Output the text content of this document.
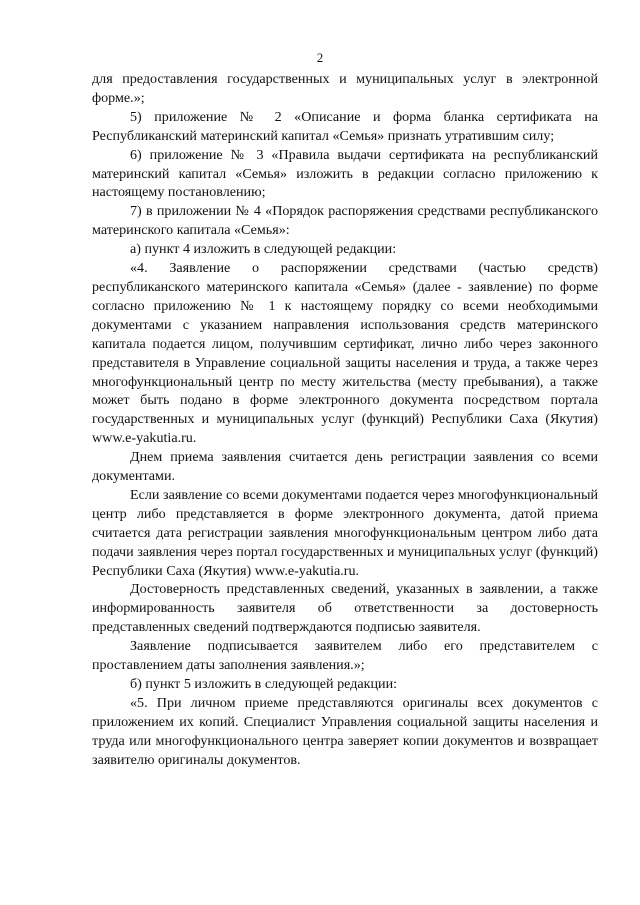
2

для предоставления государственных и муниципальных услуг в электронной форме.»;

5) приложение № 2 «Описание и форма бланка сертификата на Республиканский материнский капитал «Семья» признать утратившим силу;

6) приложение № 3 «Правила выдачи сертификата на республиканский материнский капитал «Семья» изложить в редакции согласно приложению к настоящему постановлению;

7) в приложении № 4 «Порядок распоряжения средствами республиканского материнского капитала «Семья»:

а) пункт 4 изложить в следующей редакции:

«4. Заявление о распоряжении средствами (частью средств) республиканского материнского капитала «Семья» (далее - заявление) по форме согласно приложению № 1 к настоящему порядку со всеми необходимыми документами с указанием направления использования средств материнского капитала подается лицом, получившим сертификат, лично либо через законного представителя в Управление социальной защиты населения и труда, а также через многофункциональный центр по месту жительства (месту пребывания), а также может быть подано в форме электронного документа посредством портала государственных и муниципальных услуг (функций) Республики Саха (Якутия) www.e-yakutia.ru.

Днем приема заявления считается день регистрации заявления со всеми документами.

Если заявление со всеми документами подается через многофункциональный центр либо представляется в форме электронного документа, датой приема считается дата регистрации заявления многофункциональным центром либо дата подачи заявления через портал государственных и муниципальных услуг (функций) Республики Саха (Якутия) www.e-yakutia.ru.

Достоверность представленных сведений, указанных в заявлении, а также информированность заявителя об ответственности за достоверность представленных сведений подтверждаются подписью заявителя.

Заявление подписывается заявителем либо его представителем с проставлением даты заполнения заявления.»;

б) пункт 5 изложить в следующей редакции:

«5. При личном приеме представляются оригиналы всех документов с приложением их копий. Специалист Управления социальной защиты населения и труда или многофункционального центра заверяет копии документов и возвращает заявителю оригиналы документов.
